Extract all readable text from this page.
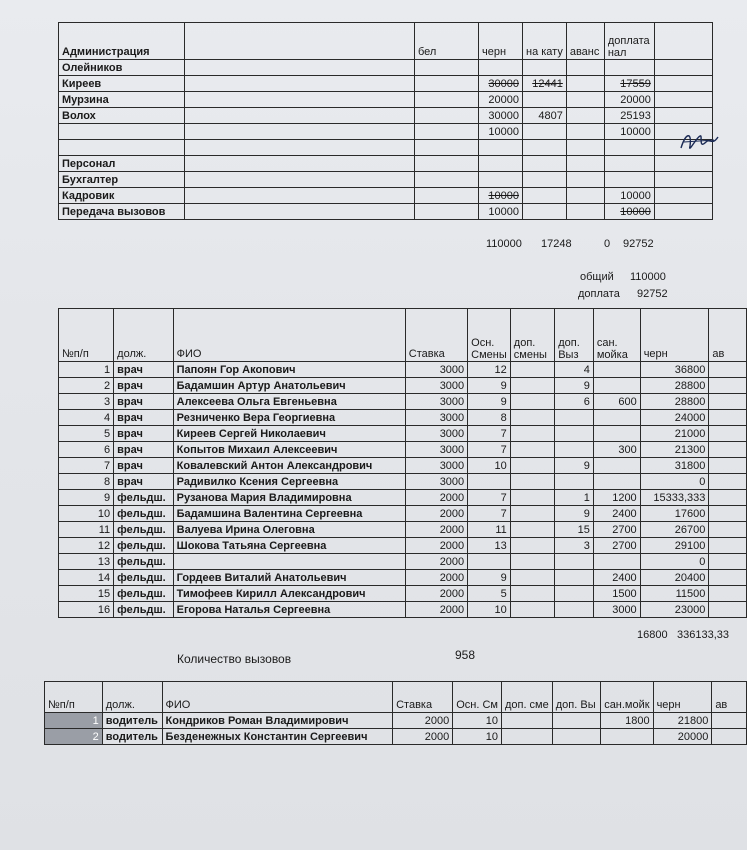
Администрация		бел	черн	на кату	аванс	доплата
нал	
Олейников							
Киреев			30000	12441		17559	
Мурзина			20000			20000	
Волох			30000	4807		25193	
			10000			10000	

Персонал							
Бухгалтер							
Кадровик			10000			10000	
Передача вызовов			10000			10000	
110000 17248	0 92752
общий 110000
доплата 92752
№п/п	долж.	ФИО	Ставка	Осн. Смены	доп. смены	доп. Выз	сан. мойка	черн	ав
1	врач	Папоян Гор Акопович	3000	12		4		36800	
2	врач	Бадамшин Артур Анатольевич	3000	9		9		28800	
3	врач	Алексеева Ольга Евгеньевна	3000	9		6	600	28800	
4	врач	Резниченко Вера Георгиевна	3000	8				24000	
5	врач	Киреев Сергей Николаевич	3000	7				21000	
6	врач	Копытов Михаил Алексеевич	3000	7			300	21300	
7	врач	Ковалевский Антон Александрович	3000	10		9		31800	
8	врач	Радивилко Ксения Сергеевна	3000					0	
9	фельдш.	Рузанова Мария Владимировна	2000	7		1	1200	15333,333	
10	фельдш.	Бадамшина Валентина Сергеевна	2000	7		9	2400	17600	
11	фельдш.	Валуева Ирина Олеговна	2000	11		15	2700	26700	
12	фельдш.	Шокова Татьяна Сергеевна	2000	13		3	2700	29100	
13	фельдш.		2000					0	
14	фельдш.	Гордеев Виталий Анатольевич	2000	9			2400	20400	
15	фельдш.	Тимофеев Кирилл Александрович	2000	5			1500	11500	
16	фельдш.	Егорова Наталья Сергеевна	2000	10			3000	23000	
16800 336133,33
Количество вызовов	958
№п/п	долж.	ФИО	Ставка	Осн. См	доп. сме	доп. Вы	сан.мойк	черн	ав
1	водитель	Кондриков Роман Владимирович	2000	10			1800	21800	
2	водитель	Безденежных Константин Сергеевич	2000	10				20000	
